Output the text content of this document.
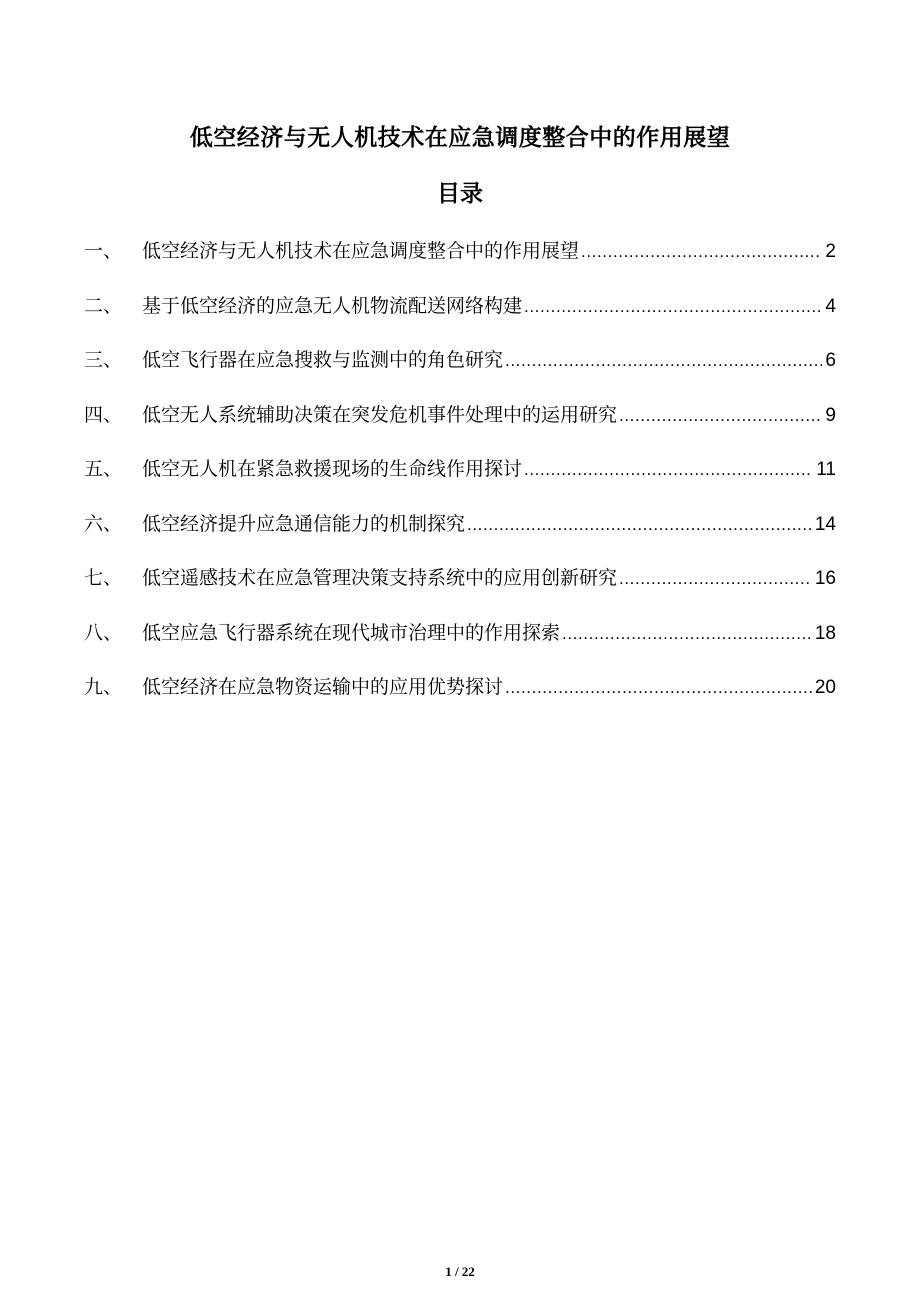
低空经济与无人机技术在应急调度整合中的作用展望
目录
一、	低空经济与无人机技术在应急调度整合中的作用展望 .....	2
二、	基于低空经济的应急无人机物流配送网络构建 .....	4
三、	低空飞行器在应急搜救与监测中的角色研究 .....	6
四、	低空无人系统辅助决策在突发危机事件处理中的运用研究 .....	9
五、	低空无人机在紧急救援现场的生命线作用探讨 .....	11
六、	低空经济提升应急通信能力的机制探究 .....	14
七、	低空遥感技术在应急管理决策支持系统中的应用创新研究 .....	16
八、	低空应急飞行器系统在现代城市治理中的作用探索 .....	18
九、	低空经济在应急物资运输中的应用优势探讨 .....	20
1 / 22
